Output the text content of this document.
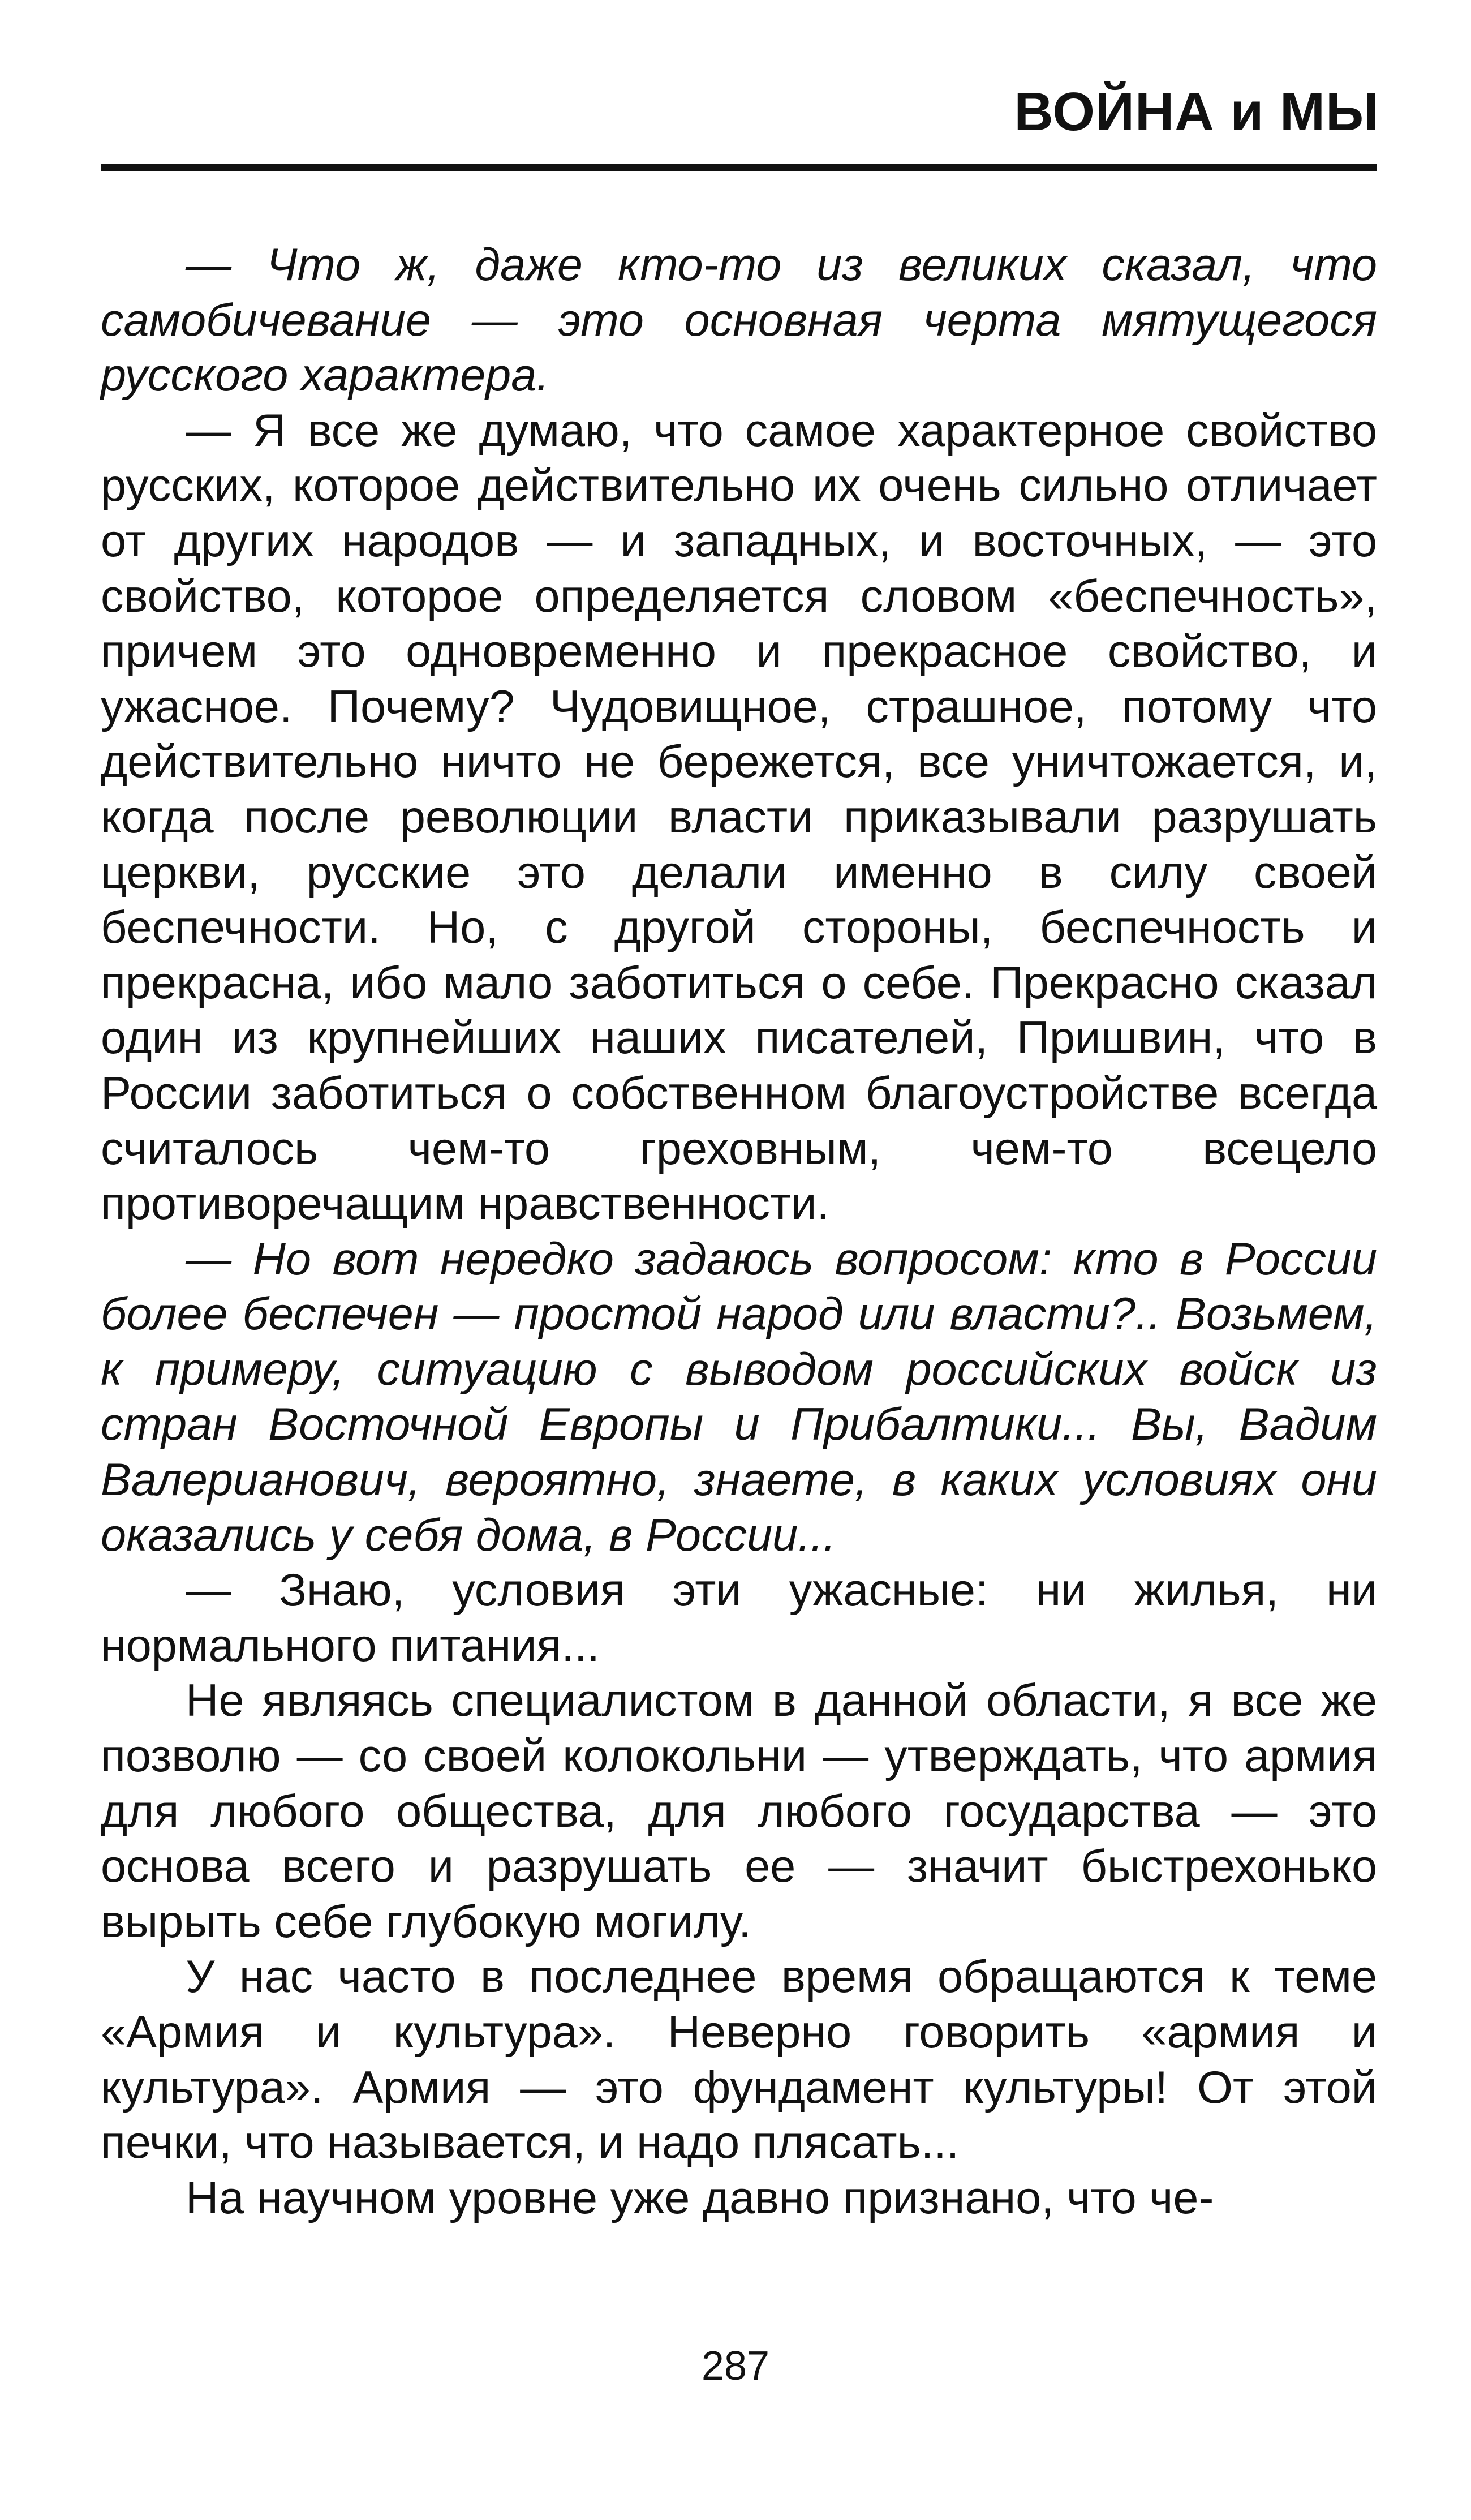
ВОЙНА и МЫ

— Что ж, даже кто-то из великих сказал, что самобичевание — это основная черта мятущегося русского характера.

— Я все же думаю, что самое характерное свойство русских, которое действительно их очень сильно отличает от других народов — и западных, и восточных, — это свойство, которое определяется словом «беспечность», причем это одновременно и прекрасное свойство, и ужасное. Почему? Чудовищное, страшное, потому что действительно ничто не бережется, все уничтожается, и, когда после революции власти приказывали разрушать церкви, русские это делали именно в силу своей беспечности. Но, с другой стороны, беспечность и прекрасна, ибо мало заботиться о себе. Прекрасно сказал один из крупнейших наших писателей, Пришвин, что в России заботиться о собственном благоустройстве всегда считалось чем-то греховным, чем-то всецело противоречащим нравственности.

— Но вот нередко задаюсь вопросом: кто в России более беспечен — простой народ или власти?.. Возьмем, к примеру, ситуацию с выводом российских войск из стран Восточной Европы и Прибалтики... Вы, Вадим Валерианович, вероятно, знаете, в каких условиях они оказались у себя дома, в России...

— Знаю, условия эти ужасные: ни жилья, ни нормального питания...

Не являясь специалистом в данной области, я все же позволю — со своей колокольни — утверждать, что армия для любого общества, для любого государства — это основа всего и разрушать ее — значит быстрехонько вырыть себе глубокую могилу.

У нас часто в последнее время обращаются к теме «Армия и культура». Неверно говорить «армия и культура». Армия — это фундамент культуры! От этой печки, что называется, и надо плясать...

На научном уровне уже давно признано, что че-

287
